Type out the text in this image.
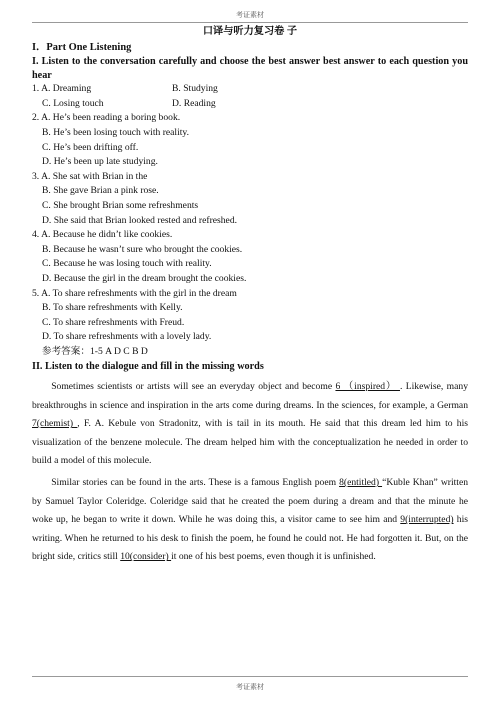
考证素材
口译与听力复习卷 子
I．Part One Listening
I. Listen to the conversation carefully and choose the best answer best answer to each question you hear
1. A. Dreaming	B. Studying
C. Losing touch	D. Reading
2. A. He’s been reading a boring book.
B. He’s been losing touch with reality.
C. He’s been drifting off.
D. He’s been up late studying.
3. A. She sat with Brian in the
B. She gave Brian a pink rose.
C. She brought Brian some refreshments
D. She said that Brian looked rested and refreshed.
4. A. Because he didn’t like cookies.
B. Because he wasn’t sure who brought the cookies.
C. Because he was losing touch with reality.
D. Because the girl in the dream brought the cookies.
5. A. To share refreshments with the girl in the dream
B. To share refreshments with Kelly.
C. To share refreshments with Freud.
D. To share refreshments with a lovely lady.
参考答案：1-5 A D C B D
II. Listen to the dialogue and fill in the missing words

Sometimes scientists or artists will see an everyday object and become 6 （inspired） . Likewise, many breakthroughs in science and inspiration in the arts come during dreams. In the sciences, for example, a German 7(chemist) , F. A. Kebule von Stradonitz, with is tail in its mouth. He said that this dream led him to his visualization of the benzene molecule. The dream helped him with the conceptualization he needed in order to build a model of this molecule.

Similar stories can be found in the arts. These is a famous English poem 8(entitled) “Kuble Khan” written by Samuel Taylor Coleridge. Coleridge said that he created the poem during a dream and that the minute he woke up, he began to write it down. While he was doing this, a visitor came to see him and 9(interrupted) his writing. When he returned to his desk to finish the poem, he found he could not. He had forgotten it. But, on the bright side, critics still 10(consider) it one of his best poems, even though it is unfinished.

考证素材
